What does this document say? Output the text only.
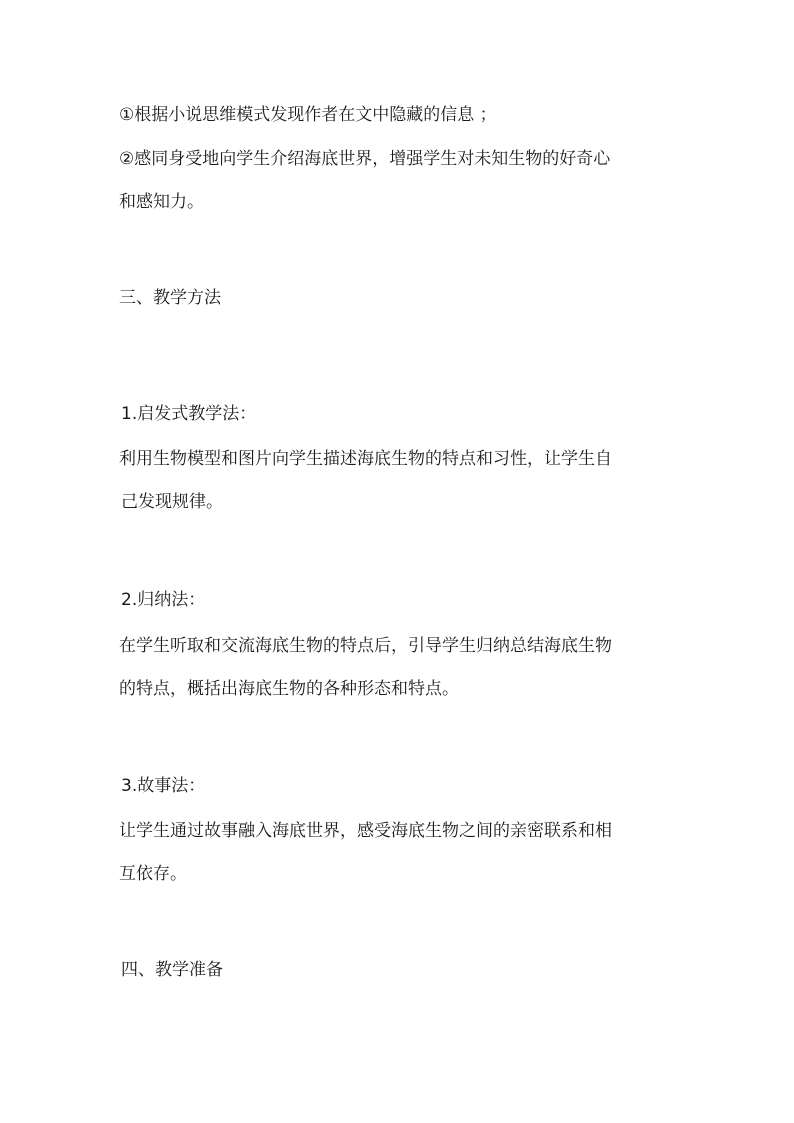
①根据小说思维模式发现作者在文中隐藏的信息 ；
②感同身受地向学生介绍海底世界，增强学生对未知生物的好奇心
和感知力。
三、教学方法
1.启发式教学法：
利用生物模型和图片向学生描述海底生物的特点和习性，让学生自
己发现规律。
2.归纳法：
在学生听取和交流海底生物的特点后，引导学生归纳总结海底生物
的特点，概括出海底生物的各种形态和特点。
3.故事法：
让学生通过故事融入海底世界，感受海底生物之间的亲密联系和相
互依存。
四、教学准备
